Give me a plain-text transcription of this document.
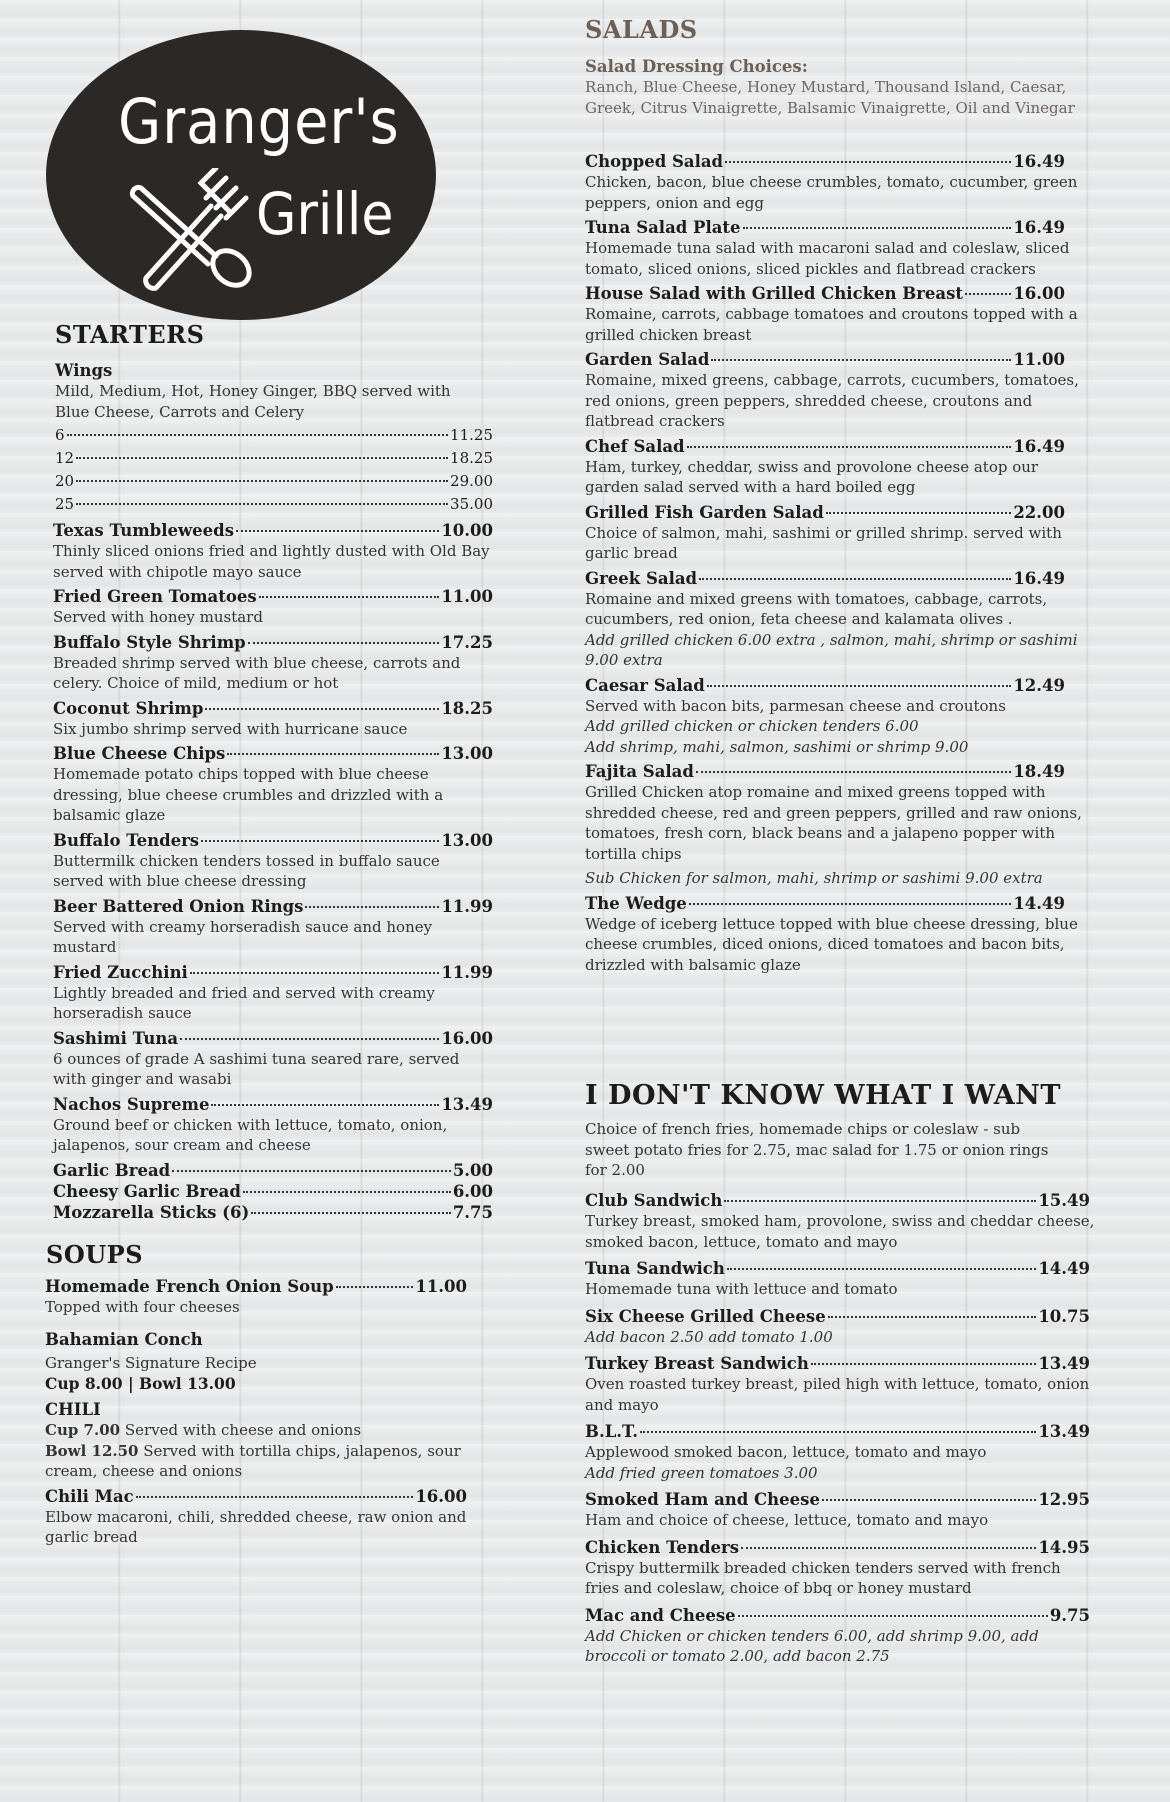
Granger's
Grille
STARTERS
Wings
Mild, Medium, Hot, Honey Ginger, BBQ served with Blue Cheese, Carrots and Celery
6	11.25
12	18.25
20	29.00
25	35.00
Texas Tumbleweeds	10.00
Thinly sliced onions fried and lightly dusted with Old Bay served with chipotle mayo sauce
Fried Green Tomatoes	11.00
Served with honey mustard
Buffalo Style Shrimp	17.25
Breaded shrimp served with blue cheese, carrots and celery. Choice of mild, medium or hot
Coconut Shrimp	18.25
Six jumbo shrimp served with hurricane sauce
Blue Cheese Chips	13.00
Homemade potato chips topped with blue cheese dressing, blue cheese crumbles and drizzled with a balsamic glaze
Buffalo Tenders	13.00
Buttermilk chicken tenders tossed in buffalo sauce served with blue cheese dressing
Beer Battered Onion Rings	11.99
Served with creamy horseradish sauce and honey mustard
Fried Zucchini	11.99
Lightly breaded and fried and served with creamy horseradish sauce
Sashimi Tuna	16.00
6 ounces of grade A sashimi tuna seared rare, served with ginger and wasabi
Nachos Supreme	13.49
Ground beef or chicken with lettuce, tomato, onion, jalapenos, sour cream and cheese
Garlic Bread	5.00
Cheesy Garlic Bread	6.00
Mozzarella Sticks (6)	7.75
SOUPS
Homemade French Onion Soup	11.00
Topped with four cheeses
Bahamian Conch
Granger's Signature Recipe
Cup 8.00 | Bowl 13.00
CHILI
Cup 7.00 Served with cheese and onions
Bowl 12.50 Served with tortilla chips, jalapenos, sour cream, cheese and onions
Chili Mac	16.00
Elbow macaroni, chili, shredded cheese, raw onion and garlic bread
SALADS
Salad Dressing Choices:
Ranch, Blue Cheese, Honey Mustard, Thousand Island, Caesar, Greek, Citrus Vinaigrette, Balsamic Vinaigrette, Oil and Vinegar
Chopped Salad	16.49
Chicken, bacon, blue cheese crumbles, tomato, cucumber, green peppers, onion and egg
Tuna Salad Plate	16.49
Homemade tuna salad with macaroni salad and coleslaw, sliced tomato, sliced onions, sliced pickles and flatbread crackers
House Salad with Grilled Chicken Breast	16.00
Romaine, carrots, cabbage tomatoes and croutons topped with a grilled chicken breast
Garden Salad	11.00
Romaine, mixed greens, cabbage, carrots, cucumbers, tomatoes, red onions, green peppers, shredded cheese, croutons and flatbread crackers
Chef Salad	16.49
Ham, turkey, cheddar, swiss and provolone cheese atop our garden salad served with a hard boiled egg
Grilled Fish Garden Salad	22.00
Choice of salmon, mahi, sashimi or grilled shrimp. served with garlic bread
Greek Salad	16.49
Romaine and mixed greens with tomatoes, cabbage, carrots, cucumbers, red onion, feta cheese and kalamata olives .
Add grilled chicken 6.00 extra , salmon, mahi, shrimp or sashimi 9.00 extra
Caesar Salad	12.49
Served with bacon bits, parmesan cheese and croutons
Add grilled chicken or chicken tenders 6.00
Add shrimp, mahi, salmon, sashimi or shrimp 9.00
Fajita Salad	18.49
Grilled Chicken atop romaine and mixed greens topped with shredded cheese, red and green peppers, grilled and raw onions, tomatoes, fresh corn, black beans and a jalapeno popper with tortilla chips
Sub Chicken for salmon, mahi, shrimp or sashimi 9.00 extra
The Wedge	14.49
Wedge of iceberg lettuce topped with blue cheese dressing, blue cheese crumbles, diced onions, diced tomatoes and bacon bits, drizzled with balsamic glaze
I DON'T KNOW WHAT I WANT
Choice of french fries, homemade chips or coleslaw - sub sweet potato fries for 2.75, mac salad for 1.75 or onion rings for 2.00
Club Sandwich	15.49
Turkey breast, smoked ham, provolone, swiss and cheddar cheese, smoked bacon, lettuce, tomato and mayo
Tuna Sandwich	14.49
Homemade tuna with lettuce and tomato
Six Cheese Grilled Cheese	10.75
Add bacon 2.50 add tomato 1.00
Turkey Breast Sandwich	13.49
Oven roasted turkey breast, piled high with lettuce, tomato, onion and mayo
B.L.T.	13.49
Applewood smoked bacon, lettuce, tomato and mayo
Add fried green tomatoes 3.00
Smoked Ham and Cheese	12.95
Ham and choice of cheese, lettuce, tomato and mayo
Chicken Tenders	14.95
Crispy buttermilk breaded chicken tenders served with french fries and coleslaw, choice of bbq or honey mustard
Mac and Cheese	9.75
Add Chicken or chicken tenders 6.00, add shrimp 9.00, add broccoli or tomato 2.00, add bacon 2.75
